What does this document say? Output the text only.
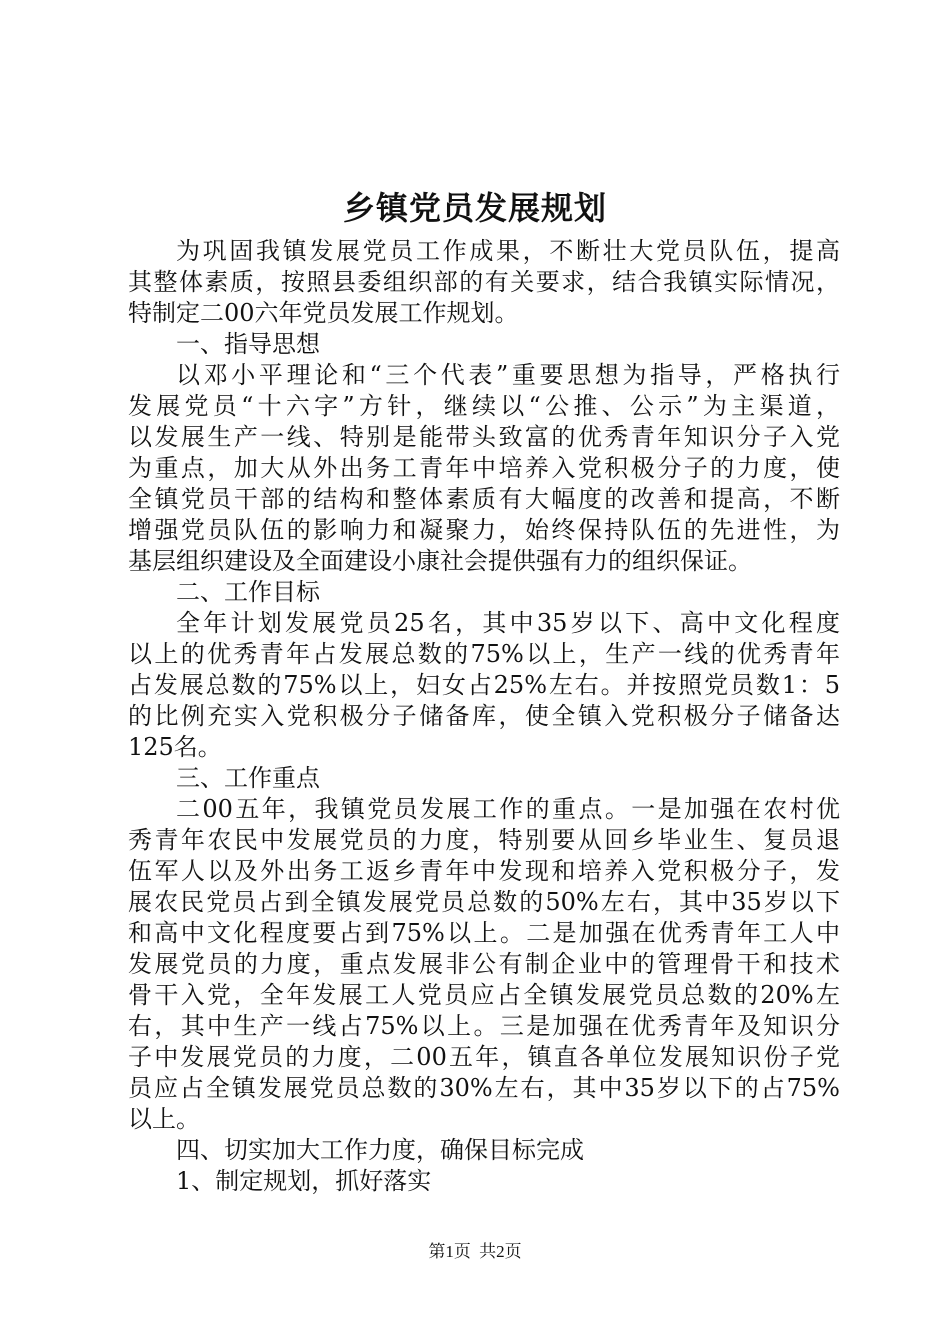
乡镇党员发展规划
为巩固我镇发展党员工作成果，不断壮大党员队伍，提高
其整体素质，按照县委组织部的有关要求，结合我镇实际情况，
特制定二00六年党员发展工作规划。
一、指导思想
以邓小平理论和“三个代表”重要思想为指导，严格执行
发展党员“十六字”方针，继续以“公推、公示”为主渠道，
以发展生产一线、特别是能带头致富的优秀青年知识分子入党
为重点，加大从外出务工青年中培养入党积极分子的力度，使
全镇党员干部的结构和整体素质有大幅度的改善和提高，不断
增强党员队伍的影响力和凝聚力，始终保持队伍的先进性，为
基层组织建设及全面建设小康社会提供强有力的组织保证。
二、工作目标
全年计划发展党员25名，其中35岁以下、高中文化程度
以上的优秀青年占发展总数的75%以上，生产一线的优秀青年
占发展总数的75%以上，妇女占25%左右。并按照党员数1：5
的比例充实入党积极分子储备库，使全镇入党积极分子储备达
125名。
三、工作重点
二00五年，我镇党员发展工作的重点。一是加强在农村优
秀青年农民中发展党员的力度，特别要从回乡毕业生、复员退
伍军人以及外出务工返乡青年中发现和培养入党积极分子，发
展农民党员占到全镇发展党员总数的50%左右，其中35岁以下
和高中文化程度要占到75%以上。二是加强在优秀青年工人中
发展党员的力度，重点发展非公有制企业中的管理骨干和技术
骨干入党，全年发展工人党员应占全镇发展党员总数的20%左
右，其中生产一线占75%以上。三是加强在优秀青年及知识分
子中发展党员的力度，二00五年，镇直各单位发展知识份子党
员应占全镇发展党员总数的30%左右，其中35岁以下的占75%
以上。
四、切实加大工作力度，确保目标完成
1、制定规划，抓好落实
第1页 共2页
